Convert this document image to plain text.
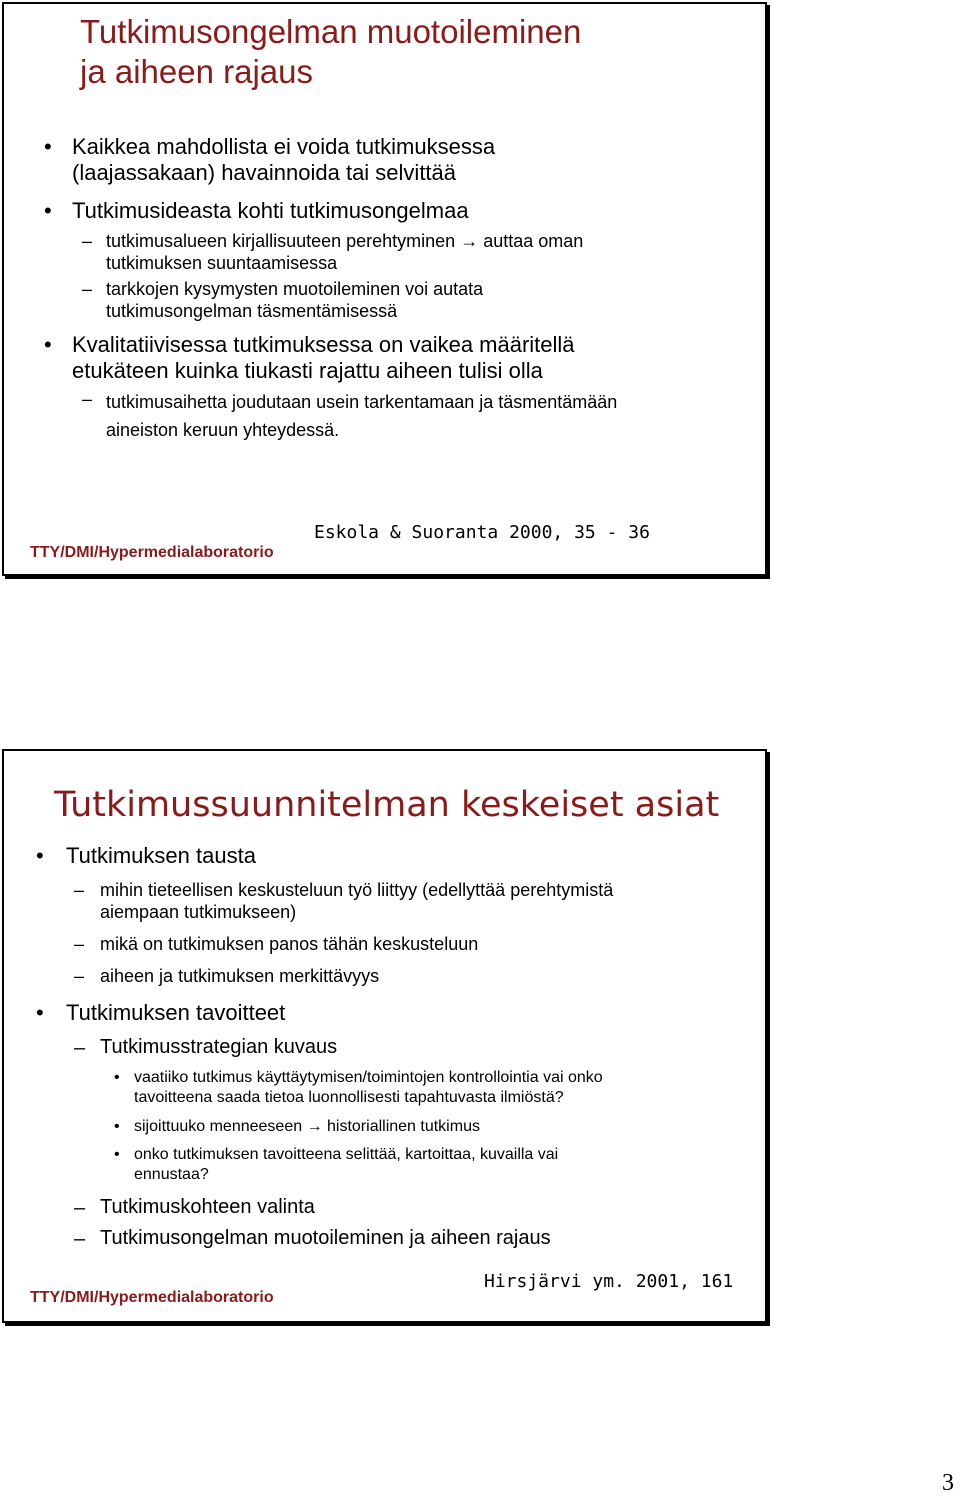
Tutkimusongelman muotoileminen
ja aiheen rajaus
• Kaikkea mahdollista ei voida tutkimuksessa
(laajassakaan) havainnoida tai selvittää
• Tutkimusideasta kohti tutkimusongelmaa
– tutkimusalueen kirjallisuuteen perehtyminen → auttaa oman
tutkimuksen suuntaamisessa
– tarkkojen kysymysten muotoileminen voi autata
tutkimusongelman täsmentämisessä
• Kvalitatiivisessa tutkimuksessa on vaikea määritellä
etukäteen kuinka tiukasti rajattu aiheen tulisi olla
– tutkimusaihetta joudutaan usein tarkentamaan ja täsmentämään
aineiston keruun yhteydessä.
TTY/DMI/Hypermedialaboratorio
Eskola & Suoranta 2000, 35 - 36
Tutkimussuunnitelman keskeiset asiat
• Tutkimuksen tausta
– mihin tieteellisen keskusteluun työ liittyy (edellyttää perehtymistä
aiempaan tutkimukseen)
– mikä on tutkimuksen panos tähän keskusteluun
– aiheen ja tutkimuksen merkittävyys
• Tutkimuksen tavoitteet
– Tutkimusstrategian kuvaus
• vaatiiko tutkimus käyttäytymisen/toimintojen kontrollointia vai onko
tavoitteena saada tietoa luonnollisesti tapahtuvasta ilmiöstä?
• sijoittuuko menneeseen → historiallinen tutkimus
• onko tutkimuksen tavoitteena selittää, kartoittaa, kuvailla vai
ennustaa?
– Tutkimuskohteen valinta
– Tutkimusongelman muotoileminen ja aiheen rajaus
TTY/DMI/Hypermedialaboratorio
Hirsjärvi ym. 2001, 161
3
